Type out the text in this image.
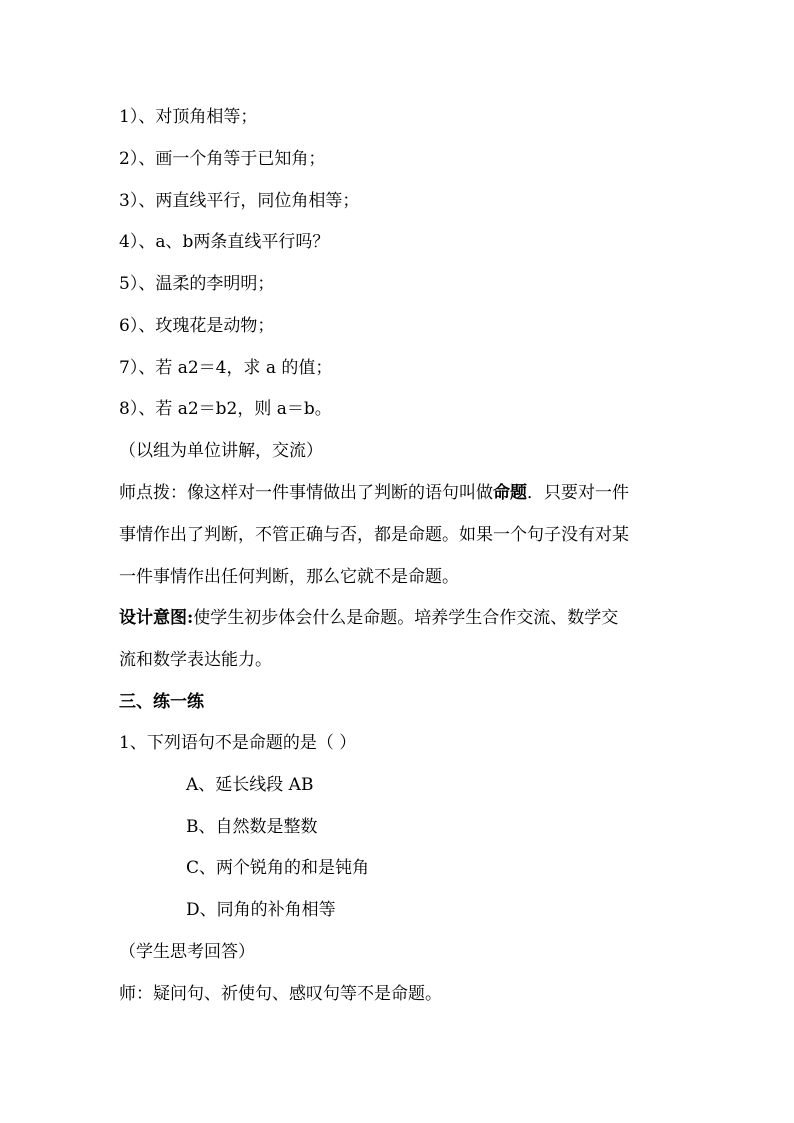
1）、对顶角相等；
2）、画一个角等于已知角；
3）、两直线平行，同位角相等；
4）、a、b两条直线平行吗？
5）、温柔的李明明；
6）、玫瑰花是动物；
7）、若 a2＝4，求 a 的值；
8）、若 a2＝b2，则 a＝b。
（以组为单位讲解，交流）
师点拨：像这样对一件事情做出了判断的语句叫做命题．只要对一件
事情作出了判断，不管正确与否，都是命题。如果一个句子没有对某
一件事情作出任何判断，那么它就不是命题。
设计意图:使学生初步体会什么是命题。培养学生合作交流、数学交
流和数学表达能力。
三、练一练
1、下列语句不是命题的是（ ）
A、延长线段 AB
B、自然数是整数
C、两个锐角的和是钝角
D、同角的补角相等
（学生思考回答）
师：疑问句、祈使句、感叹句等不是命题。
